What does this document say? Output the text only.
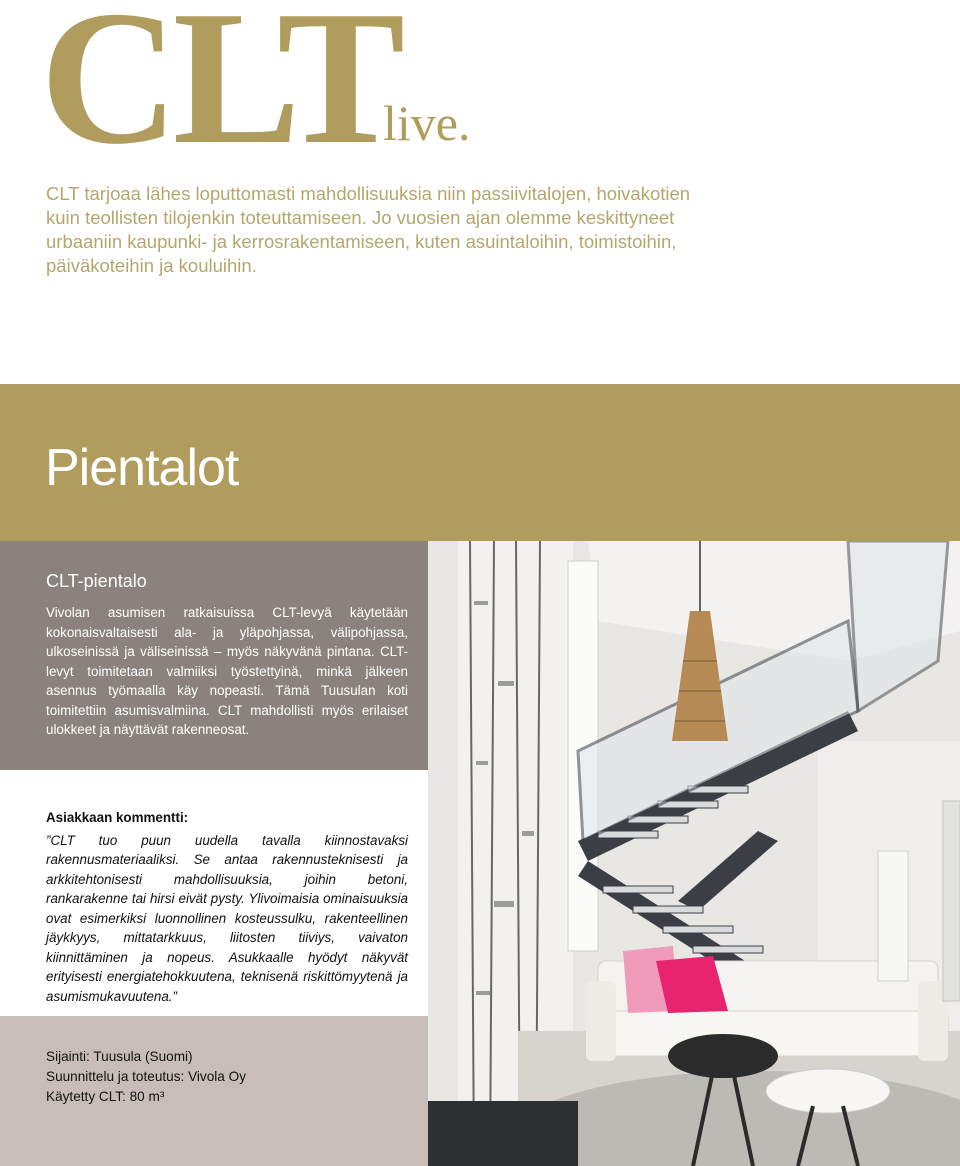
CLT
live.

CLT tarjoaa lähes loputtomasti mahdollisuuksia niin passiivitalojen, hoivakotien kuin teollisten tilojenkin toteuttamiseen. Jo vuosien ajan olemme keskittyneet urbaaniin kaupunki- ja kerrosrakentamiseen, kuten asuintaloihin, toimistoihin, päiväkoteihin ja kouluihin.

Pientalot
CLT-pientalo

Vivolan asumisen ratkaisuissa CLT-levyä käytetään kokonaisvaltaisesti ala- ja yläpohjassa, välipohjassa, ulkoseinissä ja väliseinissä – myös näkyvänä pintana. CLT-levyt toimitetaan valmiiksi työstettyinä, minkä jälkeen asennus työmaalla käy nopeasti. Tämä Tuusulan koti toimitettiin asumisvalmiina. CLT mahdollisti myös erilaiset ulokkeet ja näyttävät rakenneosat.

Asiakkaan kommentti:

”CLT tuo puun uudella tavalla kiinnostavaksi rakennusmateriaaliksi. Se antaa rakennusteknisesti ja arkkitehtonisesti mahdollisuuksia, joihin betoni, rankarakenne tai hirsi eivät pysty. Ylivoimaisia ominaisuuksia ovat esimerkiksi luonnollinen kosteussulku, rakenteellinen jäykkyys, mittatarkkuus, liitosten tiiviys, vaivaton kiinnittäminen ja nopeus. Asukkaalle hyödyt näkyvät erityisesti energiatehokkuutena, teknisenä riskittömyytenä ja asumismukavuutena.”

Sijainti: Tuusula (Suomi)
Suunnittelu ja toteutus: Vivola Oy
Käytetty CLT: 80 m³
